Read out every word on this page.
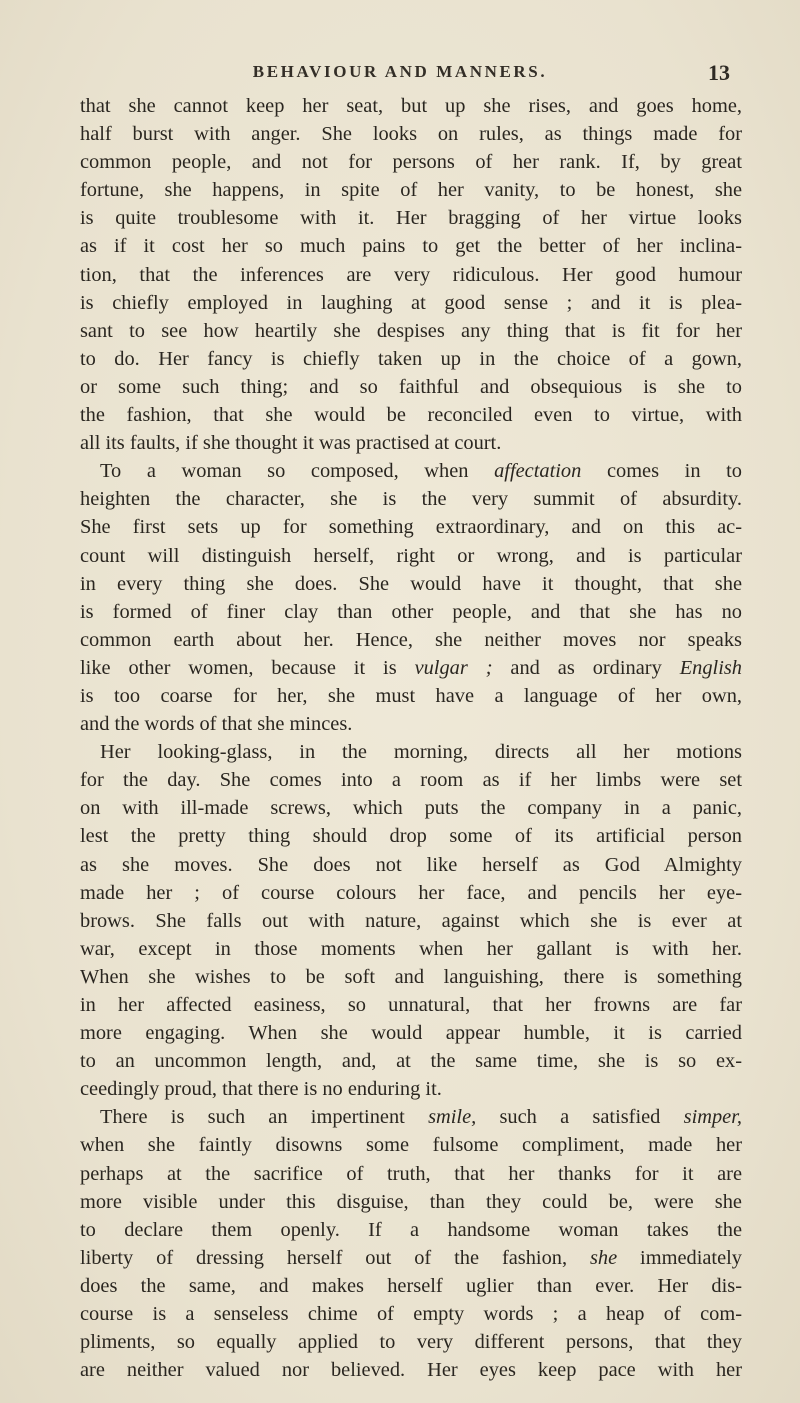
BEHAVIOUR AND MANNERS.	13
that she cannot keep her seat, but up she rises, and goes home,
half burst with anger. She looks on rules, as things made for
common people, and not for persons of her rank. If, by great
fortune, she happens, in spite of her vanity, to be honest, she
is quite troublesome with it. Her bragging of her virtue looks
as if it cost her so much pains to get the better of her inclina-
tion, that the inferences are very ridiculous. Her good humour
is chiefly employed in laughing at good sense ; and it is plea-
sant to see how heartily she despises any thing that is fit for her
to do. Her fancy is chiefly taken up in the choice of a gown,
or some such thing; and so faithful and obsequious is she to
the fashion, that she would be reconciled even to virtue, with
all its faults, if she thought it was practised at court.
To a woman so composed, when affectation comes in to
heighten the character, she is the very summit of absurdity.
She first sets up for something extraordinary, and on this ac-
count will distinguish herself, right or wrong, and is particular
in every thing she does. She would have it thought, that she
is formed of finer clay than other people, and that she has no
common earth about her. Hence, she neither moves nor speaks
like other women, because it is vulgar ; and as ordinary English
is too coarse for her, she must have a language of her own,
and the words of that she minces.
Her looking-glass, in the morning, directs all her motions
for the day. She comes into a room as if her limbs were set
on with ill-made screws, which puts the company in a panic,
lest the pretty thing should drop some of its artificial person
as she moves. She does not like herself as God Almighty
made her ; of course colours her face, and pencils her eye-
brows. She falls out with nature, against which she is ever at
war, except in those moments when her gallant is with her.
When she wishes to be soft and languishing, there is something
in her affected easiness, so unnatural, that her frowns are far
more engaging. When she would appear humble, it is carried
to an uncommon length, and, at the same time, she is so ex-
ceedingly proud, that there is no enduring it.
There is such an impertinent smile, such a satisfied simper,
when she faintly disowns some fulsome compliment, made her
perhaps at the sacrifice of truth, that her thanks for it are
more visible under this disguise, than they could be, were she
to declare them openly. If a handsome woman takes the
liberty of dressing herself out of the fashion, she immediately
does the same, and makes herself uglier than ever. Her dis-
course is a senseless chime of empty words ; a heap of com-
pliments, so equally applied to very different persons, that they
are neither valued nor believed. Her eyes keep pace with her
